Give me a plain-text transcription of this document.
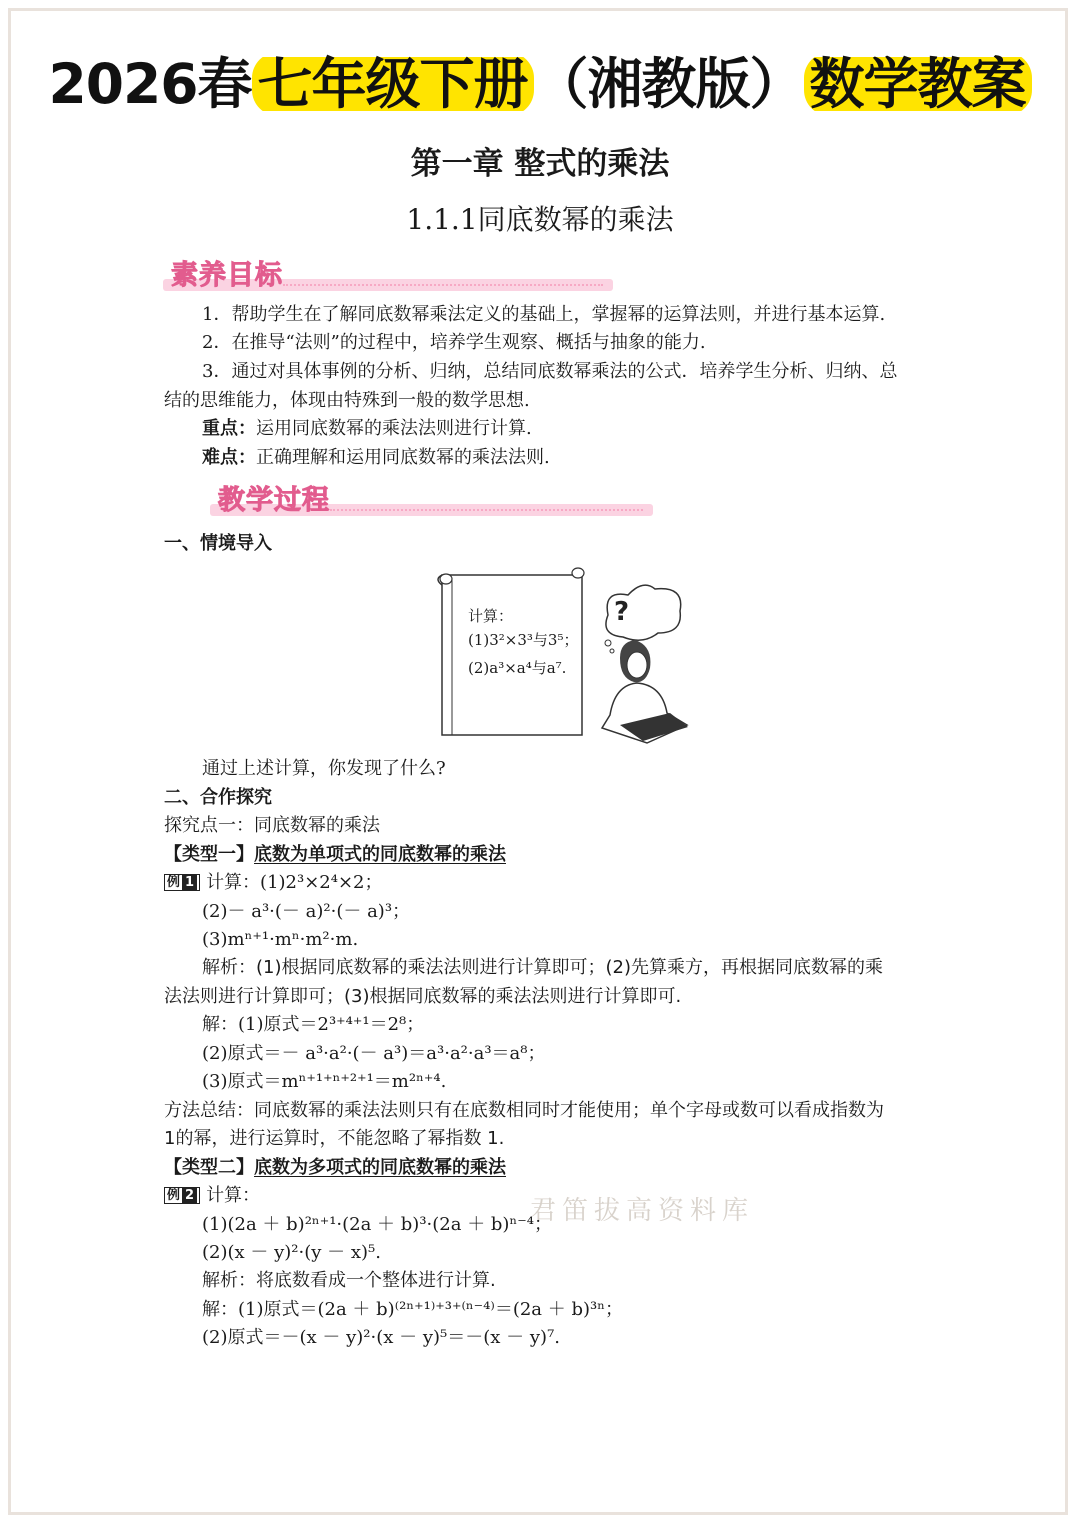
2026春 七年级下册 （湘教版） 数学教案
第一章 整式的乘法
1.1.1同底数幂的乘法
素养目标
1．帮助学生在了解同底数幂乘法定义的基础上，掌握幂的运算法则，并进行基本运算.
2．在推导“法则”的过程中，培养学生观察、概括与抽象的能力.
3．通过对具体事例的分析、归纳，总结同底数幂乘法的公式．培养学生分析、归纳、总
结的思维能力，体现由特殊到一般的数学思想.
重点：运用同底数幂的乘法法则进行计算.
难点：正确理解和运用同底数幂的乘法法则.
教学过程
一、情境导入
?
计算：
(1)3²×3³与3⁵；
(2)a³×a⁴与a⁷.
通过上述计算，你发现了什么?
二、合作探究
探究点一：同底数幂的乘法
【类型一】底数为单项式的同底数幂的乘法
例 1 计算：(1)2³×2⁴×2；
(2)－ a³·(－ a)²·(－ a)³；
(3)mⁿ⁺¹·mⁿ·m²·m.
解析：(1)根据同底数幂的乘法法则进行计算即可；(2)先算乘方，再根据同底数幂的乘
法法则进行计算即可；(3)根据同底数幂的乘法法则进行计算即可.
解：(1)原式＝2³⁺⁴⁺¹＝2⁸；
(2)原式＝－ a³·a²·(－ a³)＝a³·a²·a³＝a⁸；
(3)原式＝mⁿ⁺¹⁺ⁿ⁺²⁺¹＝m²ⁿ⁺⁴.
方法总结：同底数幂的乘法法则只有在底数相同时才能使用；单个字母或数可以看成指数为
1的幂，进行运算时，不能忽略了幂指数 1.
【类型二】底数为多项式的同底数幂的乘法
例 2 计算：
君笛拔高资料库
(1)(2a ＋ b)²ⁿ⁺¹·(2a ＋ b)³·(2a ＋ b)ⁿ⁻⁴；
(2)(x － y)²·(y － x)⁵.
解析：将底数看成一个整体进行计算.
解：(1)原式＝(2a ＋ b)⁽²ⁿ⁺¹⁾⁺³⁺⁽ⁿ⁻⁴⁾＝(2a ＋ b)³ⁿ；
(2)原式＝－(x － y)²·(x － y)⁵＝－(x － y)⁷.
